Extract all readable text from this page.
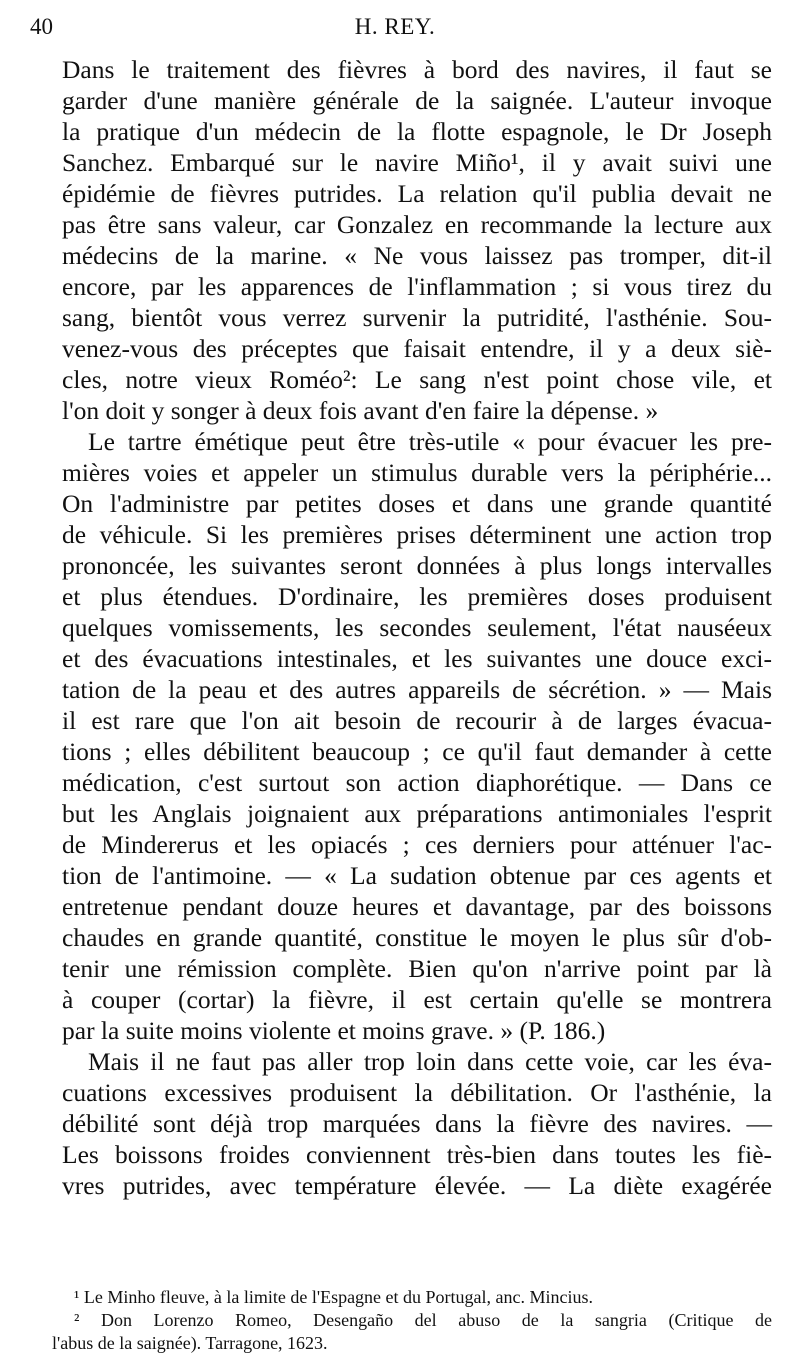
40	H. REY.
Dans le traitement des fièvres à bord des navires, il faut se
garder d'une manière générale de la saignée. L'auteur invoque
la pratique d'un médecin de la flotte espagnole, le Dr Joseph
Sanchez. Embarqué sur le navire Miño¹, il y avait suivi une
épidémie de fièvres putrides. La relation qu'il publia devait ne
pas être sans valeur, car Gonzalez en recommande la lecture aux
médecins de la marine. « Ne vous laissez pas tromper, dit-il
encore, par les apparences de l'inflammation ; si vous tirez du
sang, bientôt vous verrez survenir la putridité, l'asthénie. Sou-
venez-vous des préceptes que faisait entendre, il y a deux siè-
cles, notre vieux Roméo²: Le sang n'est point chose vile, et
l'on doit y songer à deux fois avant d'en faire la dépense. »
Le tartre émétique peut être très-utile « pour évacuer les pre-
mières voies et appeler un stimulus durable vers la périphérie...
On l'administre par petites doses et dans une grande quantité
de véhicule. Si les premières prises déterminent une action trop
prononcée, les suivantes seront données à plus longs intervalles
et plus étendues. D'ordinaire, les premières doses produisent
quelques vomissements, les secondes seulement, l'état nauséeux
et des évacuations intestinales, et les suivantes une douce exci-
tation de la peau et des autres appareils de sécrétion. » — Mais
il est rare que l'on ait besoin de recourir à de larges évacua-
tions ; elles débilitent beaucoup ; ce qu'il faut demander à cette
médication, c'est surtout son action diaphorétique. — Dans ce
but les Anglais joignaient aux préparations antimoniales l'esprit
de Mindererus et les opiacés ; ces derniers pour atténuer l'ac-
tion de l'antimoine. — « La sudation obtenue par ces agents et
entretenue pendant douze heures et davantage, par des boissons
chaudes en grande quantité, constitue le moyen le plus sûr d'ob-
tenir une rémission complète. Bien qu'on n'arrive point par là
à couper (cortar) la fièvre, il est certain qu'elle se montrera
par la suite moins violente et moins grave. » (P. 186.)
Mais il ne faut pas aller trop loin dans cette voie, car les éva-
cuations excessives produisent la débilitation. Or l'asthénie, la
débilité sont déjà trop marquées dans la fièvre des navires. —
Les boissons froides conviennent très-bien dans toutes les fiè-
vres putrides, avec température élevée. — La diète exagérée
¹ Le Minho fleuve, à la limite de l'Espagne et du Portugal, anc. Mincius.
² Don Lorenzo Romeo, Desengaño del abuso de la sangria (Critique de
l'abus de la saignée). Tarragone, 1623.
